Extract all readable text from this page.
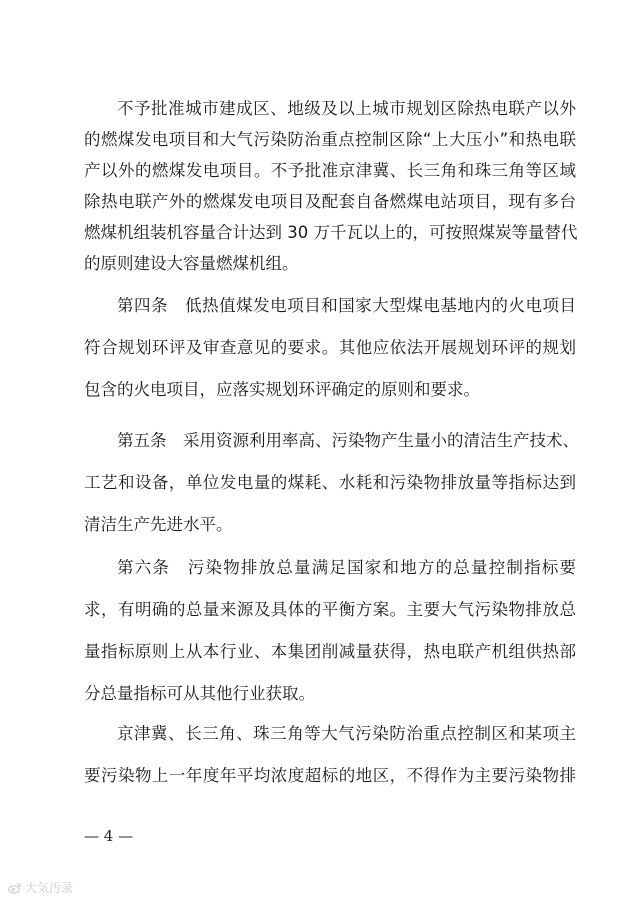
不予批准城市建成区、地级及以上城市规划区除热电联产以外
的燃煤发电项目和大气污染防治重点控制区除“上大压小”和热电联
产以外的燃煤发电项目。不予批准京津冀、长三角和珠三角等区域
除热电联产外的燃煤发电项目及配套自备燃煤电站项目，现有多台
燃煤机组装机容量合计达到 30 万千瓦以上的，可按照煤炭等量替代
的原则建设大容量燃煤机组。
第四条　低热值煤发电项目和国家大型煤电基地内的火电项目
符合规划环评及审查意见的要求。其他应依法开展规划环评的规划
包含的火电项目，应落实规划环评确定的原则和要求。
第五条　采用资源利用率高、污染物产生量小的清洁生产技术、
工艺和设备，单位发电量的煤耗、水耗和污染物排放量等指标达到
清洁生产先进水平。
第六条　污染物排放总量满足国家和地方的总量控制指标要
求，有明确的总量来源及具体的平衡方案。主要大气污染物排放总
量指标原则上从本行业、本集团削减量获得，热电联产机组供热部
分总量指标可从其他行业获取。
京津冀、长三角、珠三角等大气污染防治重点控制区和某项主
要污染物上一年度年平均浓度超标的地区，不得作为主要污染物排
— 4 —
大気汚录
